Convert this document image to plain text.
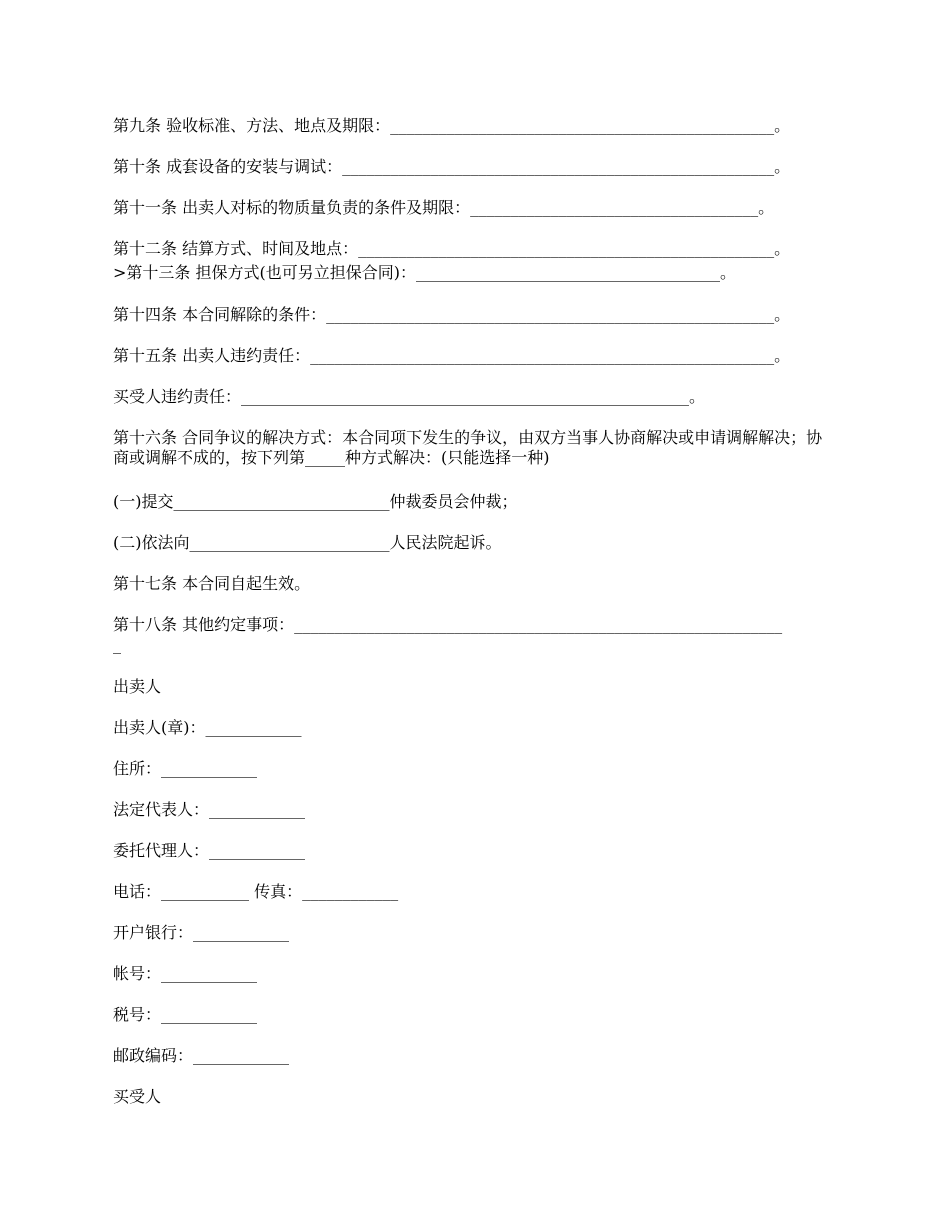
第九条 验收标准、方法、地点及期限：________________________________________________。
第十条 成套设备的安装与调试：______________________________________________________。
第十一条 出卖人对标的物质量负责的条件及期限：____________________________________。
第十二条 结算方式、时间及地点：____________________________________________________。
>第十三条 担保方式(也可另立担保合同)：______________________________________。
第十四条 本合同解除的条件：________________________________________________________。
第十五条 出卖人违约责任：__________________________________________________________。
买受人违约责任：________________________________________________________。
第十六条 合同争议的解决方式：本合同项下发生的争议，由双方当事人协商解决或申请调解解决；协商或调解不成的，按下列第_____种方式解决：(只能选择一种)
(一)提交___________________________仲裁委员会仲裁；
(二)依法向_________________________人民法院起诉。
第十七条 本合同自起生效。
第十八条 其他约定事项：_____________________________________________________________
_
出卖人
出卖人(章)：____________
住所：____________
法定代表人：____________
委托代理人：____________
电话：___________ 传真：____________
开户银行：____________
帐号：____________
税号：____________
邮政编码：____________
买受人
